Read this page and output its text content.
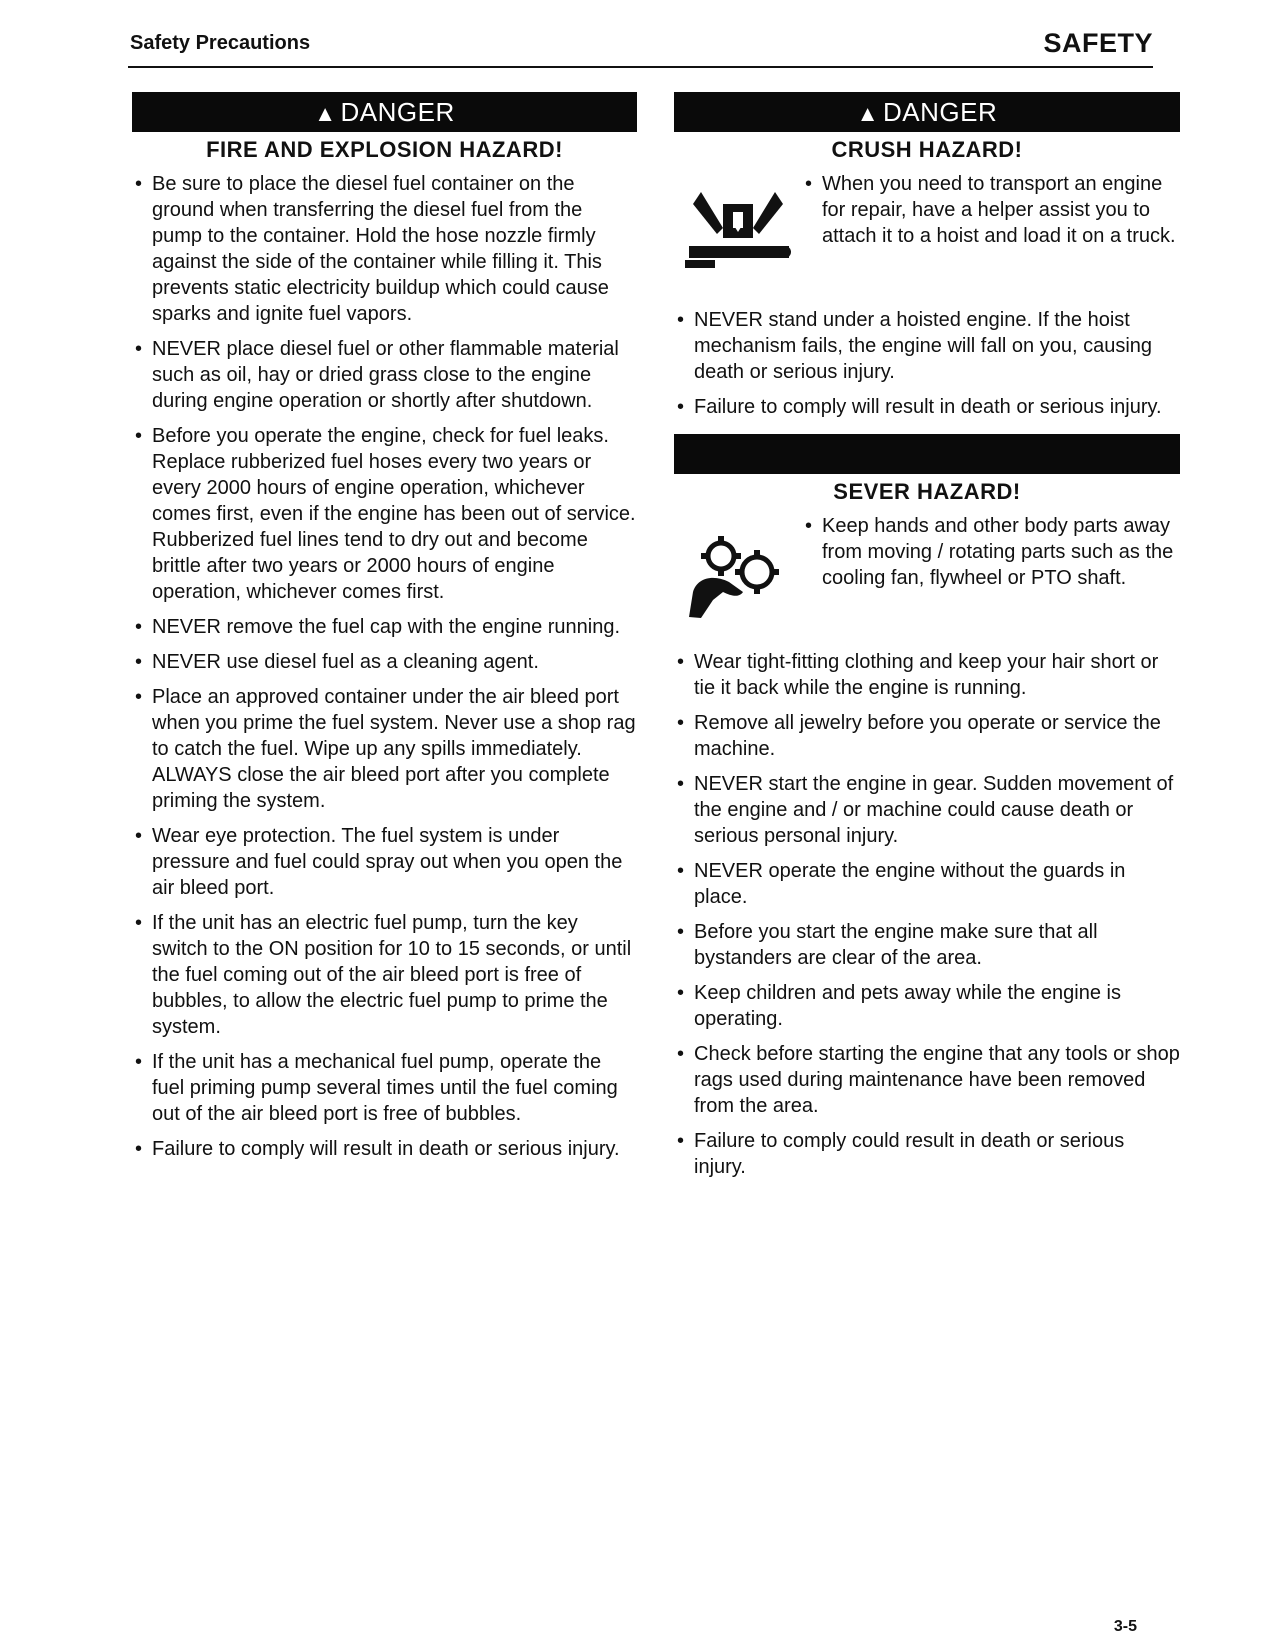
Safety Precautions	SAFETY
▲ DANGER
FIRE AND EXPLOSION HAZARD!
• Be sure to place the diesel fuel container on the ground when transferring the diesel fuel from the pump to the container. Hold the hose nozzle firmly against the side of the container while filling it. This prevents static electricity buildup which could cause sparks and ignite fuel vapors.
• NEVER place diesel fuel or other flammable material such as oil, hay or dried grass close to the engine during engine operation or shortly after shutdown.
• Before you operate the engine, check for fuel leaks. Replace rubberized fuel hoses every two years or every 2000 hours of engine operation, whichever comes first, even if the engine has been out of service. Rubberized fuel lines tend to dry out and become brittle after two years or 2000 hours of engine operation, whichever comes first.
• NEVER remove the fuel cap with the engine running.
• NEVER use diesel fuel as a cleaning agent.
• Place an approved container under the air bleed port when you prime the fuel system. Never use a shop rag to catch the fuel. Wipe up any spills immediately. ALWAYS close the air bleed port after you complete priming the system.
• Wear eye protection. The fuel system is under pressure and fuel could spray out when you open the air bleed port.
• If the unit has an electric fuel pump, turn the key switch to the ON position for 10 to 15 seconds, or until the fuel coming out of the air bleed port is free of bubbles, to allow the electric fuel pump to prime the system.
• If the unit has a mechanical fuel pump, operate the fuel priming pump several times until the fuel coming out of the air bleed port is free of bubbles.
• Failure to comply will result in death or serious injury.
▲ DANGER
CRUSH HAZARD!
• When you need to transport an engine for repair, have a helper assist you to attach it to a hoist and load it on a truck.
• NEVER stand under a hoisted engine. If the hoist mechanism fails, the engine will fall on you, causing death or serious injury.
• Failure to comply will result in death or serious injury.
SEVER HAZARD!
• Keep hands and other body parts away from moving / rotating parts such as the cooling fan, flywheel or PTO shaft.
• Wear tight-fitting clothing and keep your hair short or tie it back while the engine is running.
• Remove all jewelry before you operate or service the machine.
• NEVER start the engine in gear. Sudden movement of the engine and / or machine could cause death or serious personal injury.
• NEVER operate the engine without the guards in place.
• Before you start the engine make sure that all bystanders are clear of the area.
• Keep children and pets away while the engine is operating.
• Check before starting the engine that any tools or shop rags used during maintenance have been removed from the area.
• Failure to comply could result in death or serious injury.
3-5
